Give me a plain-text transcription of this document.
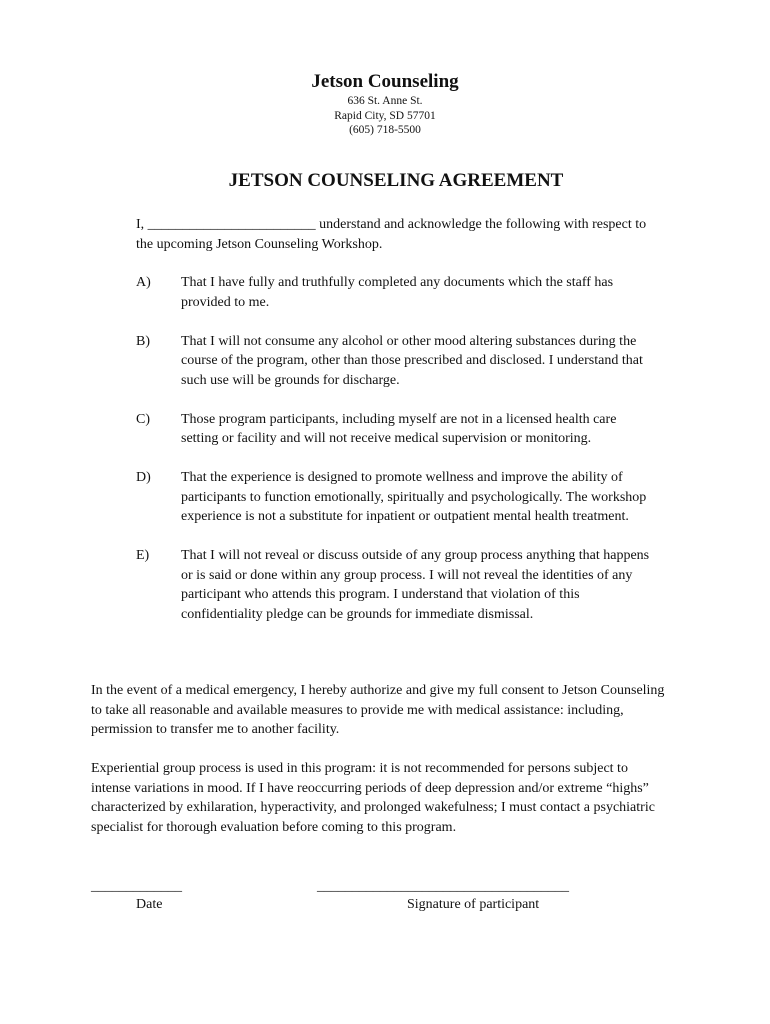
Jetson Counseling
636 St. Anne St.
Rapid City, SD 57701
(605) 718-5500
JETSON COUNSELING AGREEMENT
I, ________________________ understand and acknowledge the following with respect to the upcoming Jetson Counseling Workshop.
A)	That I have fully and truthfully completed any documents which the staff has provided to me.
B)	That I will not consume any alcohol or other mood altering substances during the course of the program, other than those prescribed and disclosed. I understand that such use will be grounds for discharge.
C)	Those program participants, including myself are not in a licensed health care setting or facility and will not receive medical supervision or monitoring.
D)	That the experience is designed to promote wellness and improve the ability of participants to function emotionally, spiritually and psychologically. The workshop experience is not a substitute for inpatient or outpatient mental health treatment.
E)	That I will not reveal or discuss outside of any group process anything that happens or is said or done within any group process. I will not reveal the identities of any participant who attends this program. I understand that violation of this confidentiality pledge can be grounds for immediate dismissal.
In the event of a medical emergency, I hereby authorize and give my full consent to Jetson Counseling to take all reasonable and available measures to provide me with medical assistance: including, permission to transfer me to another facility.
Experiential group process is used in this program: it is not recommended for persons subject to intense variations in mood. If I have reoccurring periods of deep depression and/or extreme “highs” characterized by exhilaration, hyperactivity, and prolonged wakefulness; I must contact a psychiatric specialist for thorough evaluation before coming to this program.
_____________	____________________________________
Date	Signature of participant
